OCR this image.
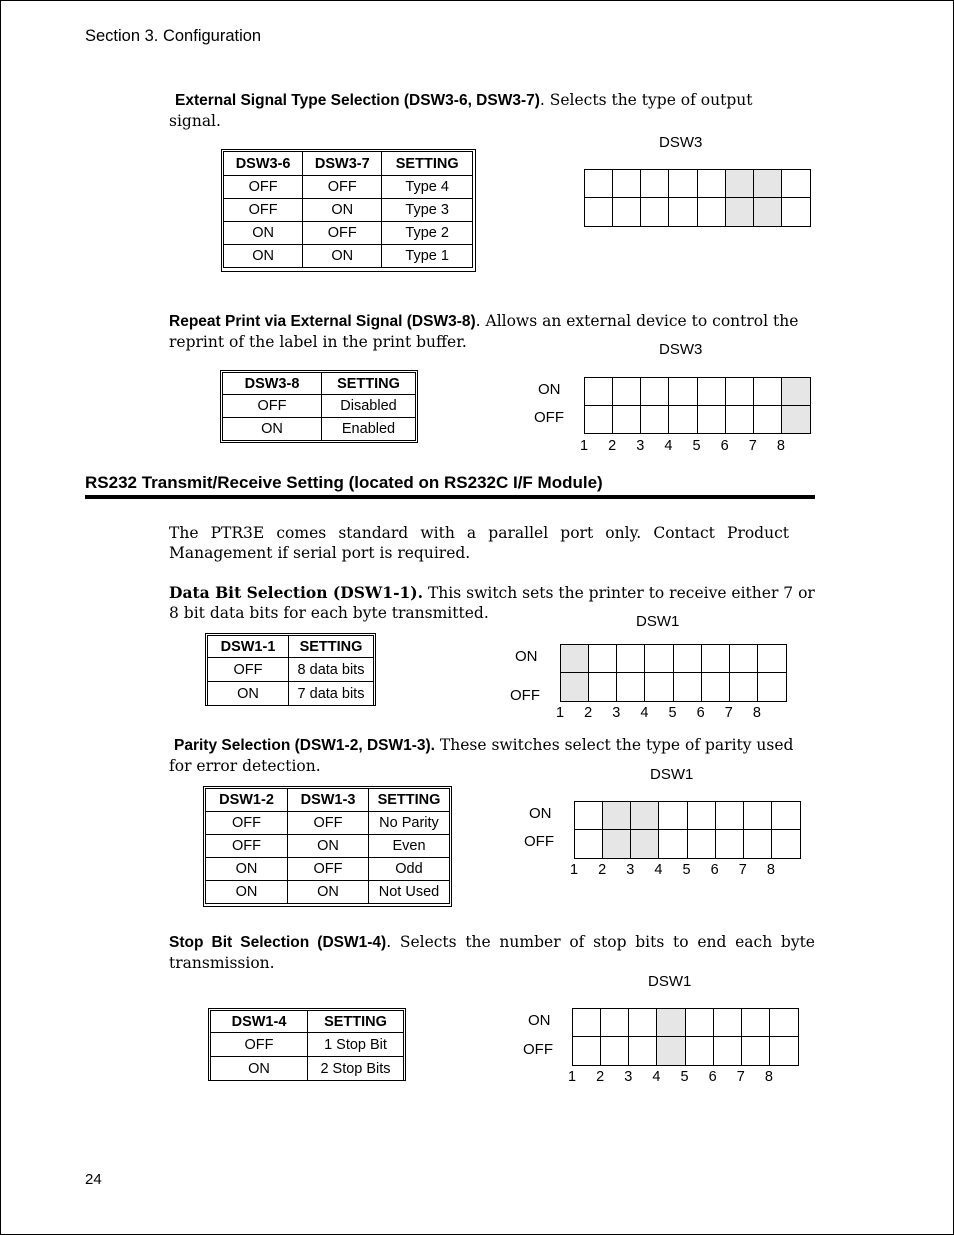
Section 3. Configuration
External Signal Type Selection (DSW3-6, DSW3-7). Selects the type of output signal.
DSW3-6	DSW3-7	SETTING
OFF	OFF	Type 4
OFF	ON	Type 3
ON	OFF	Type 2
ON	ON	Type 1
DSW3
Repeat Print via External Signal (DSW3-8). Allows an external device to control the reprint of the label in the print buffer.
DSW3-8	SETTING
OFF	Disabled
ON	Enabled
DSW3
ON
OFF
RS232 Transmit/Receive Setting (located on RS232C I/F Module)
The PTR3E comes standard with a parallel port only. Contact Product Management if serial port is required.
Data Bit Selection (DSW1-1). This switch sets the printer to receive either 7 or 8 bit data bits for each byte transmitted.
DSW1-1	SETTING
OFF	8 data bits
ON	7 data bits
DSW1
ON
OFF
Parity Selection (DSW1-2, DSW1-3). These switches select the type of parity used for error detection.
DSW1-2	DSW1-3	SETTING
OFF	OFF	No Parity
OFF	ON	Even
ON	OFF	Odd
ON	ON	Not Used
DSW1
ON
OFF
Stop Bit Selection (DSW1-4). Selects the number of stop bits to end each byte transmission.
DSW1-4	SETTING
OFF	1 Stop Bit
ON	2 Stop Bits
DSW1
ON
OFF
24
1 2 3 4 5 6 7 8
1 2 3 4 5 6 7 8
1 2 3 4 5 6 7 8
1 2 3 4 5 6 7 8
